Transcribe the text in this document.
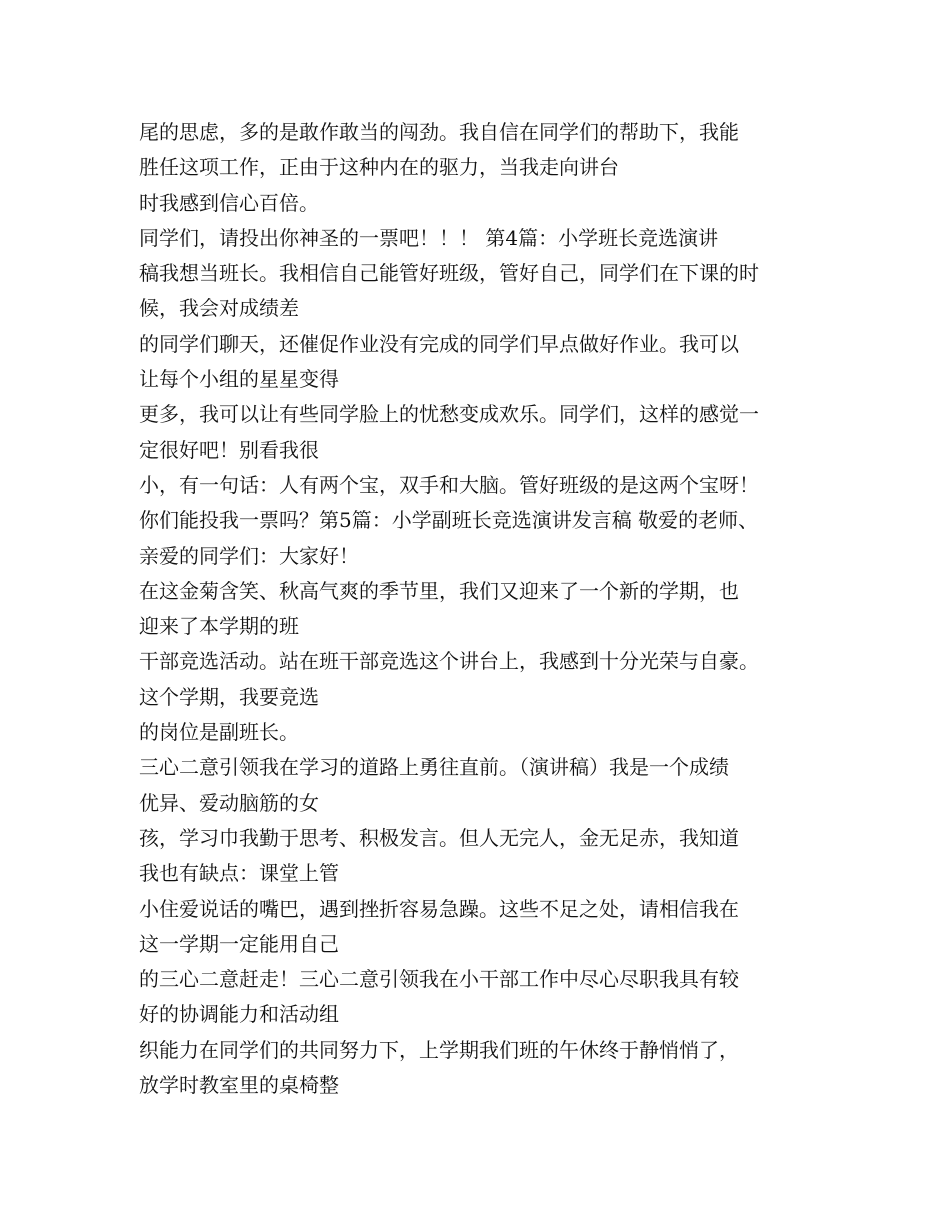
尾的思虑，多的是敢作敢当的闯劲。我自信在同学们的帮助下，我能
胜任这项工作，正由于这种内在的驱力，当我走向讲台
时我感到信心百倍。
同学们，请投出你神圣的一票吧！！！ 第4篇：小学班长竞选演讲
稿我想当班长。我相信自己能管好班级，管好自己，同学们在下课的时
候，我会对成绩差
的同学们聊天，还催促作业没有完成的同学们早点做好作业。我可以
让每个小组的星星变得
更多，我可以让有些同学脸上的忧愁变成欢乐。同学们，这样的感觉一
定很好吧！别看我很
小，有一句话：人有两个宝，双手和大脑。管好班级的是这两个宝呀！
你们能投我一票吗？第5篇：小学副班长竞选演讲发言稿 敬爱的老师、
亲爱的同学们：大家好！
在这金菊含笑、秋高气爽的季节里，我们又迎来了一个新的学期，也
迎来了本学期的班
干部竞选活动。站在班干部竞选这个讲台上，我感到十分光荣与自豪。
这个学期，我要竞选
的岗位是副班长。
三心二意引领我在学习的道路上勇往直前。（演讲稿）我是一个成绩
优异、爱动脑筋的女
孩，学习巾我勤于思考、积极发言。但人无完人，金无足赤，我知道
我也有缺点：课堂上管
小住爱说话的嘴巴，遇到挫折容易急躁。这些不足之处，请相信我在
这一学期一定能用自己
的三心二意赶走！三心二意引领我在小干部工作中尽心尽职我具有较
好的协调能力和活动组
织能力在同学们的共同努力下，上学期我们班的午休终于静悄悄了，
放学时教室里的桌椅整
